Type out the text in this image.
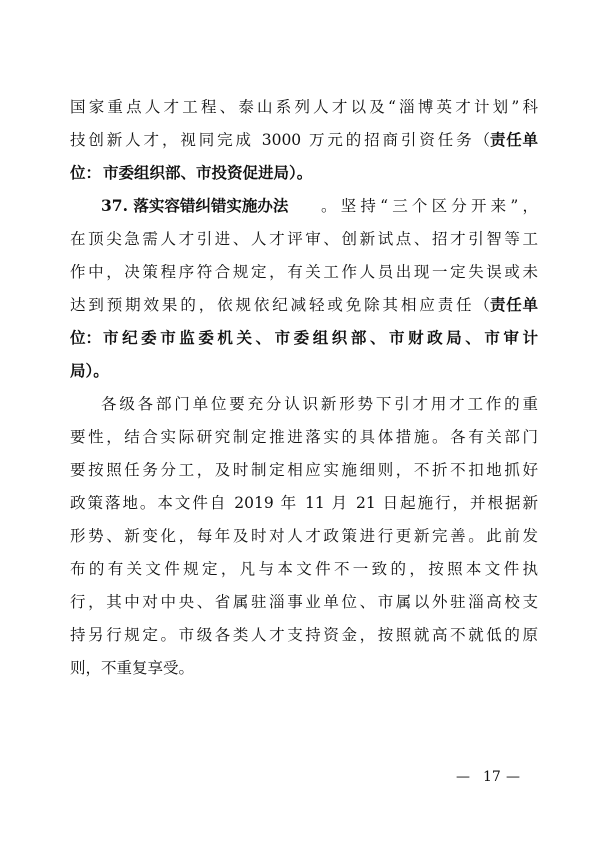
国家重点人才工程、泰山系列人才以及“淄博英才计划”科
技创新人才，视同完成 3000 万元的招商引资任务（ 责任单
位： 市委组织部、市投资促进局）。
37. 落实容错纠错实施办法	。坚持“三个区分开来”，
在顶尖急需人才引进、人才评审、创新试点、招才引智等工
作中，决策程序符合规定，有关工作人员出现一定失误或未
达到预期效果的，依规依纪减轻或免除其相应责任（ 责任单
位： 市纪委市监委机关、市委组织部、市财政局、市审计
局）。
各级各部门单位要充分认识新形势下引才用才工作的重
要性，结合实际研究制定推进落实的具体措施。各有关部门
要按照任务分工，及时制定相应实施细则，不折不扣地抓好
政策落地。本文件自 2019 年 11 月 21 日起施行，并根据新
形势、新变化，每年及时对人才政策进行更新完善。此前发
布的有关文件规定，凡与本文件不一致的，按照本文件执
行，其中对中央、省属驻淄事业单位、市属以外驻淄高校支
持另行规定。市级各类人才支持资金，按照就高不就低的原
则，不重复享受。
— 17 —
